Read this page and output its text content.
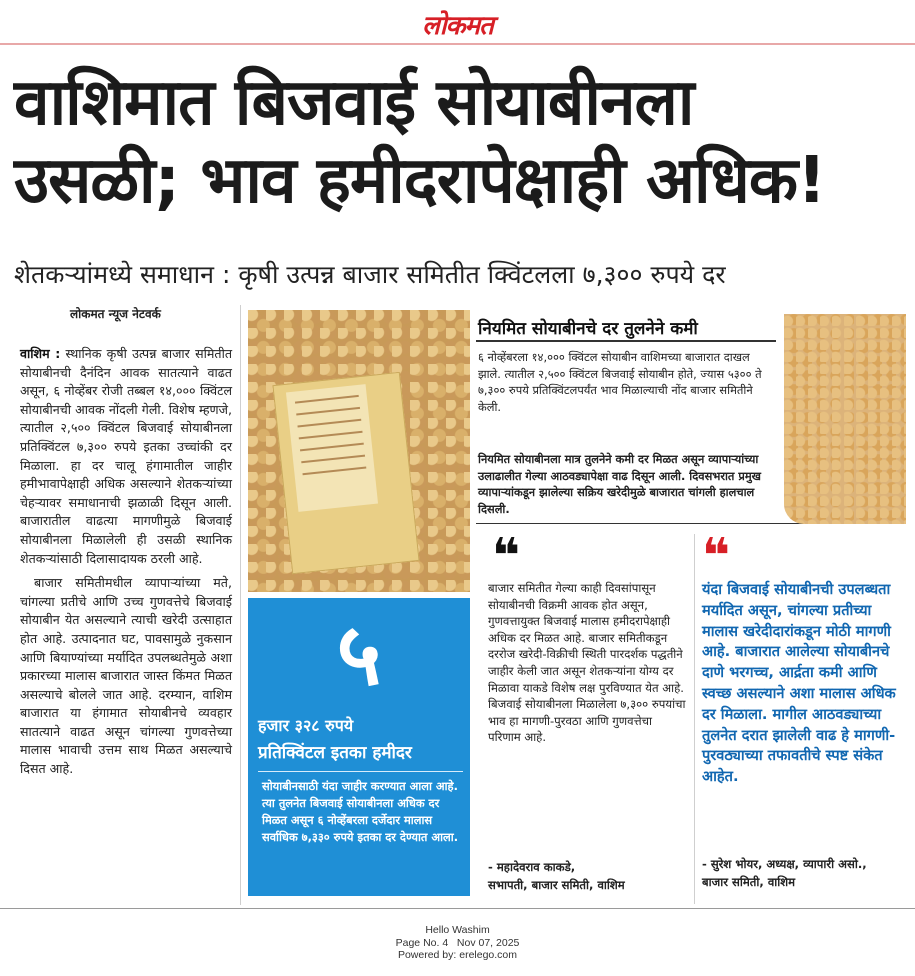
लोकमत
वाशिमात बिजवाई सोयाबीनला
उसळी; भाव हमीदरापेक्षाही अधिक!
शेतकऱ्यांमध्ये समाधान : कृषी उत्पन्न बाजार समितीत क्विंटलला ७,३०० रुपये दर
लोकमत न्यूज नेटवर्क

वाशिम : स्थानिक कृषी उत्पन्न बाजार समितीत सोयाबीनची दैनंदिन आवक सातत्याने वाढत असून, ६ नोव्हेंबर रोजी तब्बल १४,००० क्विंटल सोयाबीनची आवक नोंदली गेली. विशेष म्हणजे, त्यातील २,५०० क्विंटल बिजवाई सोयाबीनला प्रतिक्विंटल ७,३०० रुपये इतका उच्चांकी दर मिळाला. हा दर चालू हंगामातील जाहीर हमीभावापेक्षाही अधिक असल्याने शेतकऱ्यांच्या चेहऱ्यावर समाधानाची झळाळी दिसून आली. बाजारातील वाढत्या मागणीमुळे बिजवाई सोयाबीनला मिळालेली ही उसळी स्थानिक शेतकऱ्यांसाठी दिलासादायक ठरली आहे.

बाजार समितीमधील व्यापाऱ्यांच्या मते, चांगल्या प्रतीचे आणि उच्च गुणवत्तेचे बिजवाई सोयाबीन येत असल्याने त्याची खरेदी उत्साहात होत आहे. उत्पादनात घट, पावसामुळे नुकसान आणि बियाण्यांच्या मर्यादित उपलब्धतेमुळे अशा प्रकारच्या मालास बाजारात जास्त किंमत मिळत असल्याचे बोलले जात आहे. दरम्यान, वाशिम बाजारात या हंगामात सोयाबीनचे व्यवहार सातत्याने वाढत असून चांगल्या गुणवत्तेच्या मालास भावाची उत्तम साथ मिळत असल्याचे दिसत आहे.

५
हजार ३२८ रुपये
प्रतिक्विंटल इतका हमीदर
सोयाबीनसाठी यंदा जाहीर करण्यात आला आहे. त्या तुलनेत बिजवाई सोयाबीनला अधिक दर मिळत असून ६ नोव्हेंबरला दर्जेदार मालास सर्वाधिक ७,३३० रुपये इतका दर देण्यात आला.
नियमित सोयाबीनचे दर तुलनेने कमी
६ नोव्हेंबरला १४,००० क्विंटल सोयाबीन वाशिमच्या बाजारात दाखल झाले. त्यातील २,५०० क्विंटल बिजवाई सोयाबीन होते, ज्यास ५३०० ते ७,३०० रुपये प्रतिक्विंटलपर्यंत भाव मिळाल्याची नोंद बाजार समितीने केली.
नियमित सोयाबीनला मात्र तुलनेने कमी दर मिळत असून व्यापाऱ्यांच्या उलाढालीत गेल्या आठवड्यापेक्षा वाढ दिसून आली. दिवसभरात प्रमुख व्यापाऱ्यांकडून झालेल्या सक्रिय खरेदीमुळे बाजारात चांगली हालचाल दिसली.
❝
बाजार समितीत गेल्या काही दिवसांपासून सोयाबीनची विक्रमी आवक होत असून, गुणवत्तायुक्त बिजवाई मालास हमीदरापेक्षाही अधिक दर मिळत आहे. बाजार समितीकडून दररोज खरेदी-विक्रीची स्थिती पारदर्शक पद्धतीने जाहीर केली जात असून शेतकऱ्यांना योग्य दर मिळावा याकडे विशेष लक्ष पुरविण्यात येत आहे. बिजवाई सोयाबीनला मिळालेला ७,३०० रुपयांचा भाव हा मागणी-पुरवठा आणि गुणवत्तेचा परिणाम आहे.
- महादेवराव काकडे,
सभापती, बाजार समिती, वाशिम
❝
यंदा बिजवाई सोयाबीनची उपलब्धता मर्यादित असून, चांगल्या प्रतीच्या मालास खरेदीदारांकडून मोठी मागणी आहे. बाजारात आलेल्या सोयाबीनचे दाणे भरगच्च, आर्द्रता कमी आणि स्वच्छ असल्याने अशा मालास अधिक दर मिळाला. मागील आठवड्याच्या तुलनेत दरात झालेली वाढ हे मागणी-पुरवठ्याच्या तफावतीचे स्पष्ट संकेत आहेत.
- सुरेश भोयर, अध्यक्ष, व्यापारी असो.,
बाजार समिती, वाशिम
Hello Washim
Page No. 4   Nov 07, 2025
Powered by: erelego.com
